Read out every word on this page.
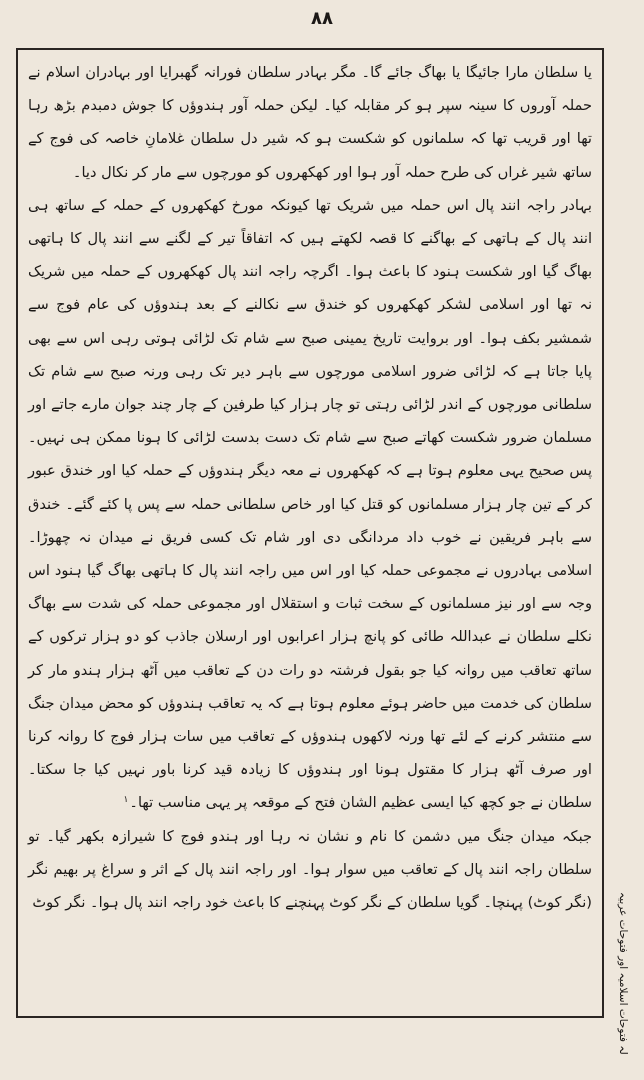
۸۸

یا سلطان مارا جائیگا یا بھاگ جائے گا۔ مگر بہادر سلطان فورانہ گھبرایا اور بہادران اسلام نے حملہ آوروں کا سینہ سپر ہو کر مقابلہ کیا۔ لیکن حملہ آور ہندوؤں کا جوش دمبدم بڑھ رہا تھا اور قریب تھا کہ سلمانوں کو شکست ہو کہ شیر دل سلطان غلامانِ خاصہ کی فوج کے ساتھ شیر غراں کی طرح حملہ آور ہوا اور کھکھروں کو مورچوں سے مار کر نکال دیا۔

بہادر راجہ انند پال اس حملہ میں شریک تھا کیونکہ مورخ کھکھروں کے حملہ کے ساتھ ہی انند پال کے ہاتھی کے بھاگنے کا قصہ لکھتے ہیں کہ اتفاقاً تیر کے لگنے سے انند پال کا ہاتھی بھاگ گیا اور شکست ہنود کا باعث ہوا۔ اگرچہ راجہ انند پال کھکھروں کے حملہ میں شریک نہ تھا اور اسلامی لشکر کھکھروں کو خندق سے نکالنے کے بعد ہندوؤں کی عام فوج سے شمشیر بکف ہوا۔ اور بروایت تاریخ یمینی صبح سے شام تک لڑائی ہوتی رہی اس سے بھی پایا جاتا ہے کہ لڑائی ضرور اسلامی مورچوں سے باہر دیر تک رہی ورنہ صبح سے شام تک سلطانی مورچوں کے اندر لڑائی رہتی تو چار ہزار کیا طرفین کے چار چند جوان مارے جاتے اور مسلمان ضرور شکست کھاتے صبح سے شام تک دست بدست لڑائی کا ہونا ممکن ہی نہیں۔ پس صحیح یہی معلوم ہوتا ہے کہ کھکھروں نے معہ دیگر ہندوؤں کے حملہ کیا اور خندق عبور کر کے تین چار ہزار مسلمانوں کو قتل کیا اور خاص سلطانی حملہ سے پس پا کئے گئے۔ خندق سے باہر فریقین نے خوب داد مردانگی دی اور شام تک کسی فریق نے میدان نہ چھوڑا۔ اسلامی بہادروں نے مجموعی حملہ کیا اور اس میں راجہ انند پال کا ہاتھی بھاگ گیا ہنود اس وجہ سے اور نیز مسلمانوں کے سخت ثبات و استقلال اور مجموعی حملہ کی شدت سے بھاگ نکلے سلطان نے عبداللہ طائی کو پانچ ہزار اعرابوں اور ارسلان جاذب کو دو ہزار ترکوں کے ساتھ تعاقب میں روانہ کیا جو بقول فرشتہ دو رات دن کے تعاقب میں آٹھ ہزار ہندو مار کر سلطان کی خدمت میں حاضر ہوئے معلوم ہوتا ہے کہ یہ تعاقب ہندوؤں کو محض میدان جنگ سے منتشر کرنے کے لئے تھا ورنہ لاکھوں ہندوؤں کے تعاقب میں سات ہزار فوج کا روانہ کرنا اور صرف آٹھ ہزار کا مقتول ہونا اور ہندوؤں کا زیادہ قید کرنا باور نہیں کیا جا سکتا۔ سلطان نے جو کچھ کیا ایسی عظیم الشان فتح کے موقعہ پر یہی مناسب تھا۔۱

جبکہ میدان جنگ میں دشمن کا نام و نشان نہ رہا اور ہندو فوج کا شیرازہ بکھر گیا۔ تو سلطان راجہ انند پال کے تعاقب میں سوار ہوا۔ اور راجہ انند پال کے اثر و سراغ پر بھیم نگر (نگر کوٹ) پہنچا۔ گویا سلطان کے نگر کوٹ پہنچنے کا باعث خود راجہ انند پال ہوا۔ نگر کوٹ	لہ فتوحات اسلامیہ اور فتوحات عربیہ
